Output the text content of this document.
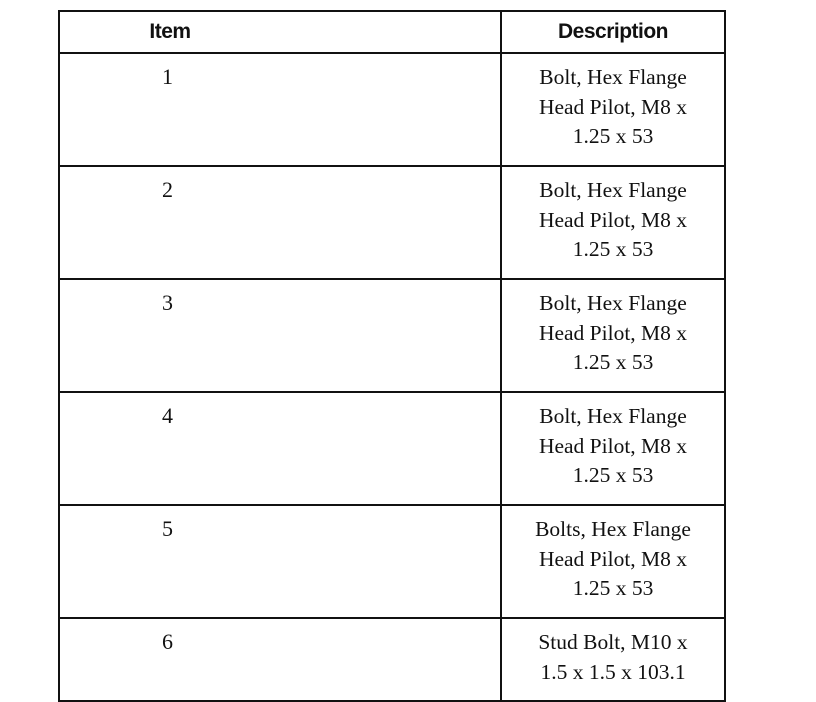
Item	Description
1	Bolt, Hex Flange
Head Pilot, M8 x
1.25 x 53

2	Bolt, Hex Flange
Head Pilot, M8 x
1.25 x 53

3	Bolt, Hex Flange
Head Pilot, M8 x
1.25 x 53

4	Bolt, Hex Flange
Head Pilot, M8 x
1.25 x 53

5	Bolts, Hex Flange
Head Pilot, M8 x
1.25 x 53

6	Stud Bolt, M10 x
1.5 x 1.5 x 103.1
